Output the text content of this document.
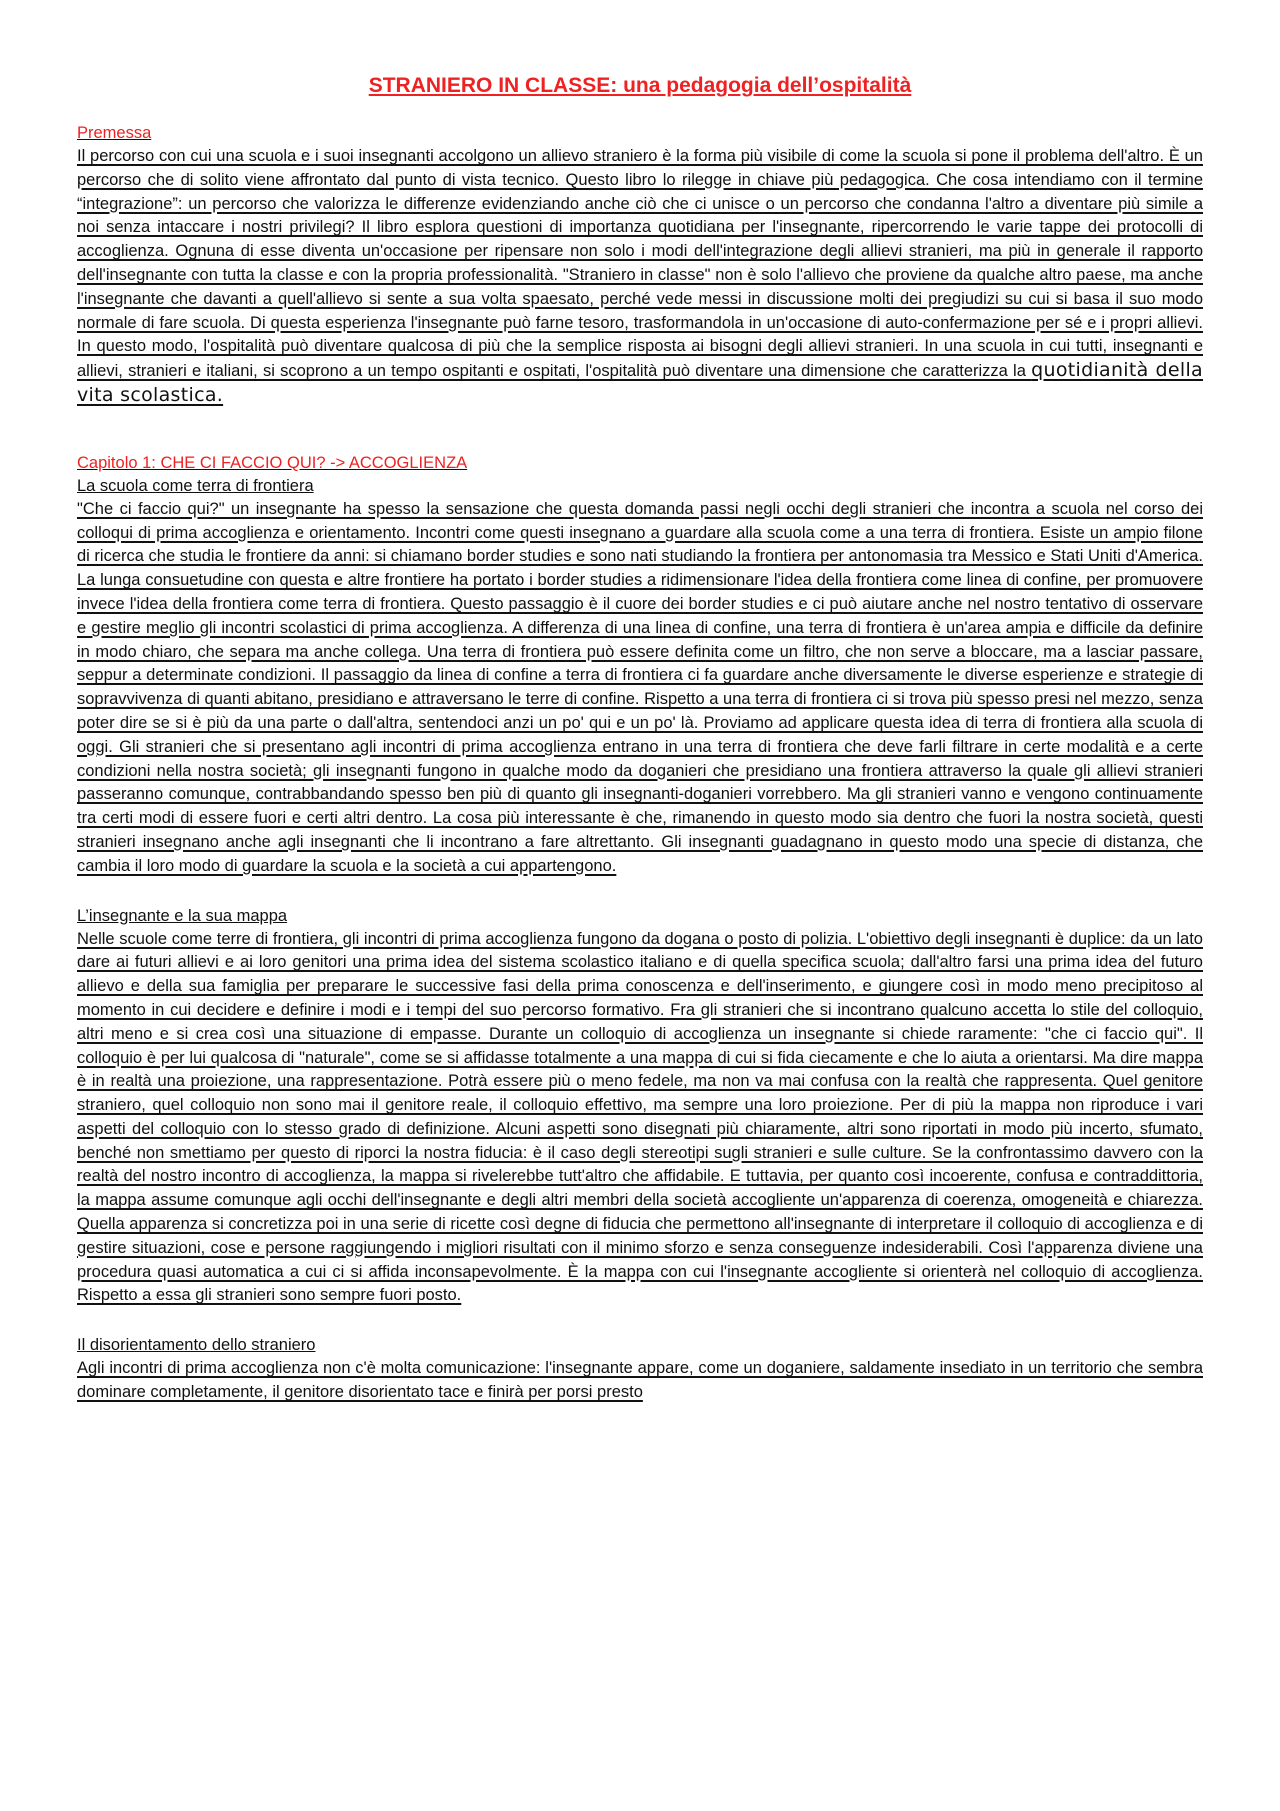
STRANIERO IN CLASSE: una pedagogia dell’ospitalità
Premessa

Il percorso con cui una scuola e i suoi insegnanti accolgono un allievo straniero è la forma più visibile di come la scuola si pone il problema dell'altro. È un percorso che di solito viene affrontato dal punto di vista tecnico. Questo libro lo rilegge in chiave più pedagogica. Che cosa intendiamo con il termine “integrazione”: un percorso che valorizza le differenze evidenziando anche ciò che ci unisce o un percorso che condanna l'altro a diventare più simile a noi senza intaccare i nostri privilegi? Il libro esplora questioni di importanza quotidiana per l'insegnante, ripercorrendo le varie tappe dei protocolli di accoglienza. Ognuna di esse diventa un'occasione per ripensare non solo i modi dell'integrazione degli allievi stranieri, ma più in generale il rapporto dell'insegnante con tutta la classe e con la propria professionalità. "Straniero in classe" non è solo l'allievo che proviene da qualche altro paese, ma anche l'insegnante che davanti a quell'allievo si sente a sua volta spaesato, perché vede messi in discussione molti dei pregiudizi su cui si basa il suo modo normale di fare scuola. Di questa esperienza l'insegnante può farne tesoro, trasformandola in un'occasione di auto-confermazione per sé e i propri allievi. In questo modo, l'ospitalità può diventare qualcosa di più che la semplice risposta ai bisogni degli allievi stranieri. In una scuola in cui tutti, insegnanti e allievi, stranieri e italiani, si scoprono a un tempo ospitanti e ospitati, l'ospitalità può diventare una dimensione che caratterizza la quotidianità della vita scolastica.

Capitolo 1: CHE CI FACCIO QUI? -> ACCOGLIENZA
La scuola come terra di frontiera

"Che ci faccio qui?" un insegnante ha spesso la sensazione che questa domanda passi negli occhi degli stranieri che incontra a scuola nel corso dei colloqui di prima accoglienza e orientamento. Incontri come questi insegnano a guardare alla scuola come a una terra di frontiera. Esiste un ampio filone di ricerca che studia le frontiere da anni: si chiamano border studies e sono nati studiando la frontiera per antonomasia tra Messico e Stati Uniti d'America. La lunga consuetudine con questa e altre frontiere ha portato i border studies a ridimensionare l'idea della frontiera come linea di confine, per promuovere invece l'idea della frontiera come terra di frontiera. Questo passaggio è il cuore dei border studies e ci può aiutare anche nel nostro tentativo di osservare e gestire meglio gli incontri scolastici di prima accoglienza. A differenza di una linea di confine, una terra di frontiera è un'area ampia e difficile da definire in modo chiaro, che separa ma anche collega. Una terra di frontiera può essere definita come un filtro, che non serve a bloccare, ma a lasciar passare, seppur a determinate condizioni. Il passaggio da linea di confine a terra di frontiera ci fa guardare anche diversamente le diverse esperienze e strategie di sopravvivenza di quanti abitano, presidiano e attraversano le terre di confine. Rispetto a una terra di frontiera ci si trova più spesso presi nel mezzo, senza poter dire se si è più da una parte o dall'altra, sentendoci anzi un po' qui e un po' là. Proviamo ad applicare questa idea di terra di frontiera alla scuola di oggi. Gli stranieri che si presentano agli incontri di prima accoglienza entrano in una terra di frontiera che deve farli filtrare in certe modalità e a certe condizioni nella nostra società; gli insegnanti fungono in qualche modo da doganieri che presidiano una frontiera attraverso la quale gli allievi stranieri passeranno comunque, contrabbandando spesso ben più di quanto gli insegnanti-doganieri vorrebbero. Ma gli stranieri vanno e vengono continuamente tra certi modi di essere fuori e certi altri dentro. La cosa più interessante è che, rimanendo in questo modo sia dentro che fuori la nostra società, questi stranieri insegnano anche agli insegnanti che li incontrano a fare altrettanto. Gli insegnanti guadagnano in questo modo una specie di distanza, che cambia il loro modo di guardare la scuola e la società a cui appartengono.

L’insegnante e la sua mappa

Nelle scuole come terre di frontiera, gli incontri di prima accoglienza fungono da dogana o posto di polizia. L'obiettivo degli insegnanti è duplice: da un lato dare ai futuri allievi e ai loro genitori una prima idea del sistema scolastico italiano e di quella specifica scuola; dall'altro farsi una prima idea del futuro allievo e della sua famiglia per preparare le successive fasi della prima conoscenza e dell'inserimento, e giungere così in modo meno precipitoso al momento in cui decidere e definire i modi e i tempi del suo percorso formativo. Fra gli stranieri che si incontrano qualcuno accetta lo stile del colloquio, altri meno e si crea così una situazione di empasse. Durante un colloquio di accoglienza un insegnante si chiede raramente: "che ci faccio qui". Il colloquio è per lui qualcosa di "naturale", come se si affidasse totalmente a una mappa di cui si fida ciecamente e che lo aiuta a orientarsi. Ma dire mappa è in realtà una proiezione, una rappresentazione. Potrà essere più o meno fedele, ma non va mai confusa con la realtà che rappresenta. Quel genitore straniero, quel colloquio non sono mai il genitore reale, il colloquio effettivo, ma sempre una loro proiezione. Per di più la mappa non riproduce i vari aspetti del colloquio con lo stesso grado di definizione. Alcuni aspetti sono disegnati più chiaramente, altri sono riportati in modo più incerto, sfumato, benché non smettiamo per questo di riporci la nostra fiducia: è il caso degli stereotipi sugli stranieri e sulle culture. Se la confrontassimo davvero con la realtà del nostro incontro di accoglienza, la mappa si rivelerebbe tutt'altro che affidabile. E tuttavia, per quanto così incoerente, confusa e contraddittoria, la mappa assume comunque agli occhi dell'insegnante e degli altri membri della società accogliente un'apparenza di coerenza, omogeneità e chiarezza. Quella apparenza si concretizza poi in una serie di ricette così degne di fiducia che permettono all'insegnante di interpretare il colloquio di accoglienza e di gestire situazioni, cose e persone raggiungendo i migliori risultati con il minimo sforzo e senza conseguenze indesiderabili. Così l'apparenza diviene una procedura quasi automatica a cui ci si affida inconsapevolmente. È la mappa con cui l'insegnante accogliente si orienterà nel colloquio di accoglienza. Rispetto a essa gli stranieri sono sempre fuori posto.

Il disorientamento dello straniero

Agli incontri di prima accoglienza non c'è molta comunicazione: l'insegnante appare, come un doganiere, saldamente insediato in un territorio che sembra dominare completamente, il genitore disorientato tace e finirà per porsi presto
